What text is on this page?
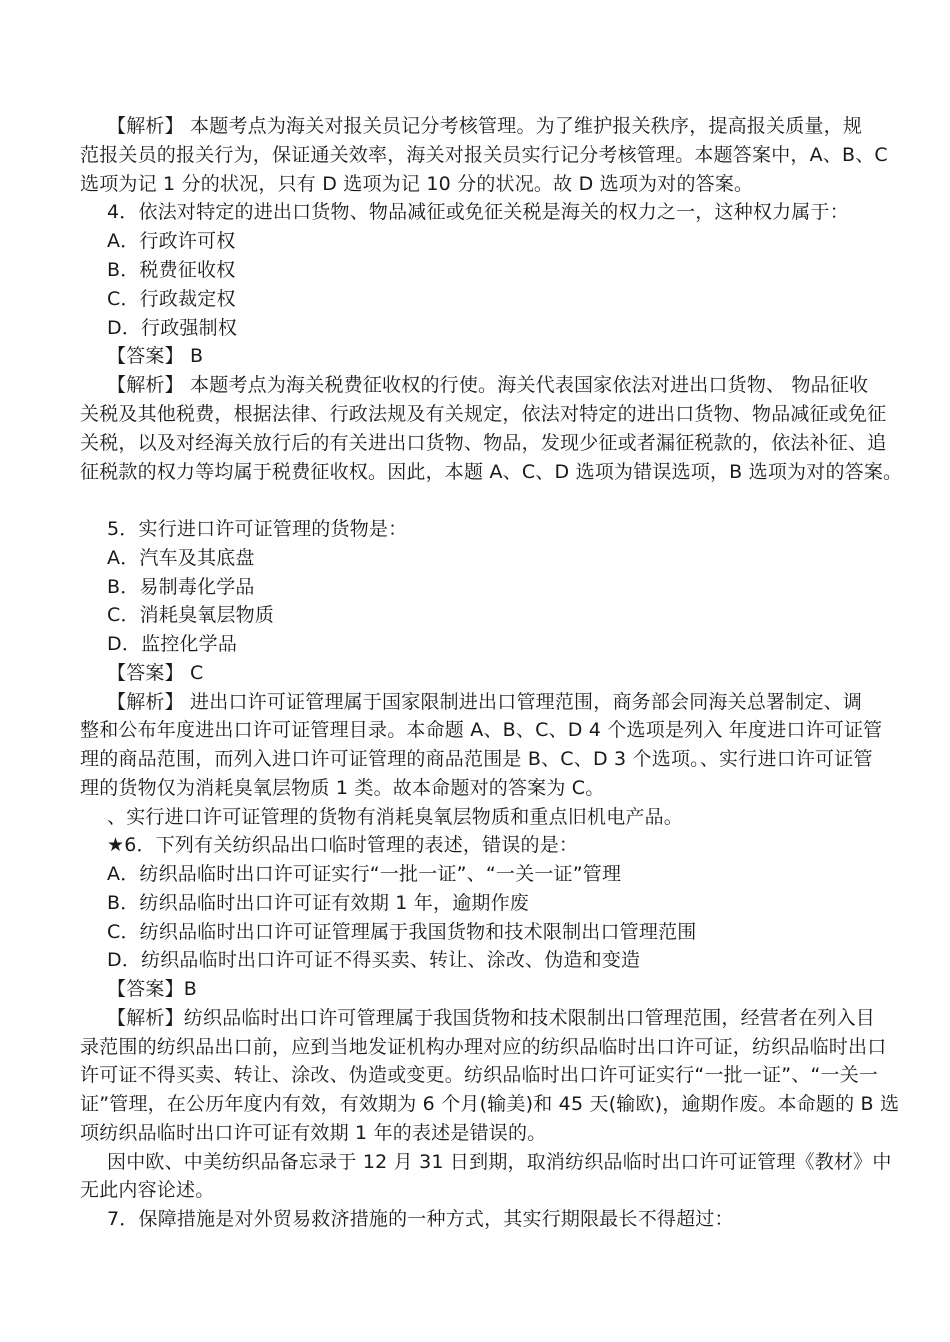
【解析】 本题考点为海关对报关员记分考核管理。为了维护报关秩序，提高报关质量，规
范报关员的报关行为，保证通关效率，海关对报关员实行记分考核管理。本题答案中，A、B、C
选项为记 1 分的状况，只有 D 选项为记 10 分的状况。故 D 选项为对的答案。
4．依法对特定的进出口货物、物品减征或免征关税是海关的权力之一，这种权力属于：
A．行政许可权
B．税费征收权
C．行政裁定权
D．行政强制权
【答案】 B
【解析】 本题考点为海关税费征收权的行使。海关代表国家依法对进出口货物、 物品征收
关税及其他税费，根据法律、行政法规及有关规定，依法对特定的进出口货物、物品减征或免征
关税，以及对经海关放行后的有关进出口货物、物品，发现少征或者漏征税款的，依法补征、追
征税款的权力等均属于税费征收权。因此，本题 A、C、D 选项为错误选项，B 选项为对的答案。
5．实行进口许可证管理的货物是：
A．汽车及其底盘
B．易制毒化学品
C．消耗臭氧层物质
D．监控化学品
【答案】 C
【解析】 进出口许可证管理属于国家限制进出口管理范围，商务部会同海关总署制定、调
整和公布年度进出口许可证管理目录。本命题 A、B、C、D 4 个选项是列入 年度进口许可证管
理的商品范围，而列入进口许可证管理的商品范围是 B、C、D 3 个选项。、实行进口许可证管
理的货物仅为消耗臭氧层物质 1 类。故本命题对的答案为 C。
、实行进口许可证管理的货物有消耗臭氧层物质和重点旧机电产品。
★6．下列有关纺织品出口临时管理的表述，错误的是：
A．纺织品临时出口许可证实行“一批一证”、“一关一证”管理
B．纺织品临时出口许可证有效期 1 年，逾期作废
C．纺织品临时出口许可证管理属于我国货物和技术限制出口管理范围
D．纺织品临时出口许可证不得买卖、转让、涂改、伪造和变造
【答案】B
【解析】纺织品临时出口许可管理属于我国货物和技术限制出口管理范围，经营者在列入目
录范围的纺织品出口前，应到当地发证机构办理对应的纺织品临时出口许可证，纺织品临时出口
许可证不得买卖、转让、涂改、伪造或变更。纺织品临时出口许可证实行“一批一证”、“一关一
证”管理，在公历年度内有效，有效期为 6 个月(输美)和 45 天(输欧)，逾期作废。本命题的 B 选
项纺织品临时出口许可证有效期 1 年的表述是错误的。
因中欧、中美纺织品备忘录于 12 月 31 日到期，取消纺织品临时出口许可证管理《教材》中
无此内容论述。
7．保障措施是对外贸易救济措施的一种方式，其实行期限最长不得超过：
